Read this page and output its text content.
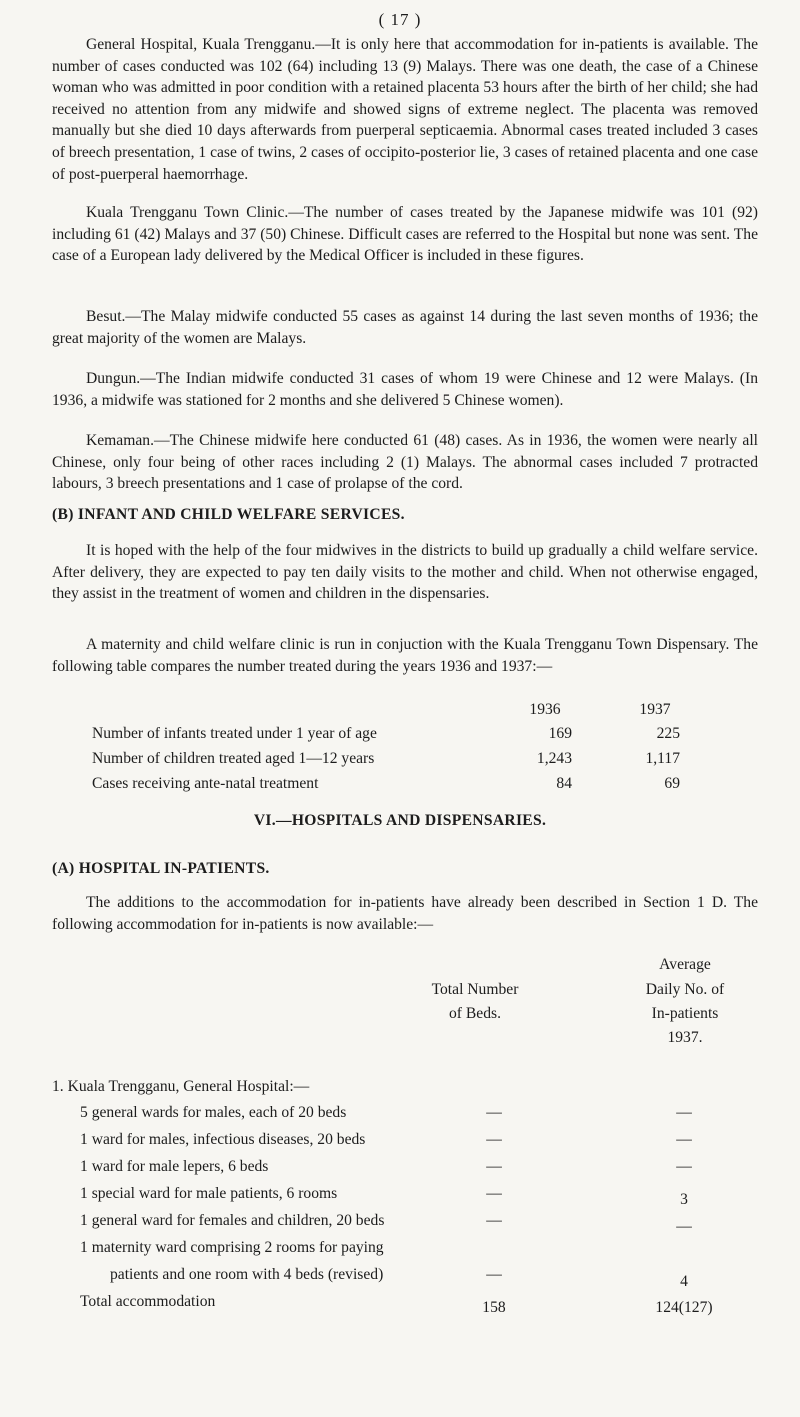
( 17 )

General Hospital, Kuala Trengganu.—It is only here that accommodation for in-patients is available. The number of cases conducted was 102 (64) including 13 (9) Malays. There was one death, the case of a Chinese woman who was admitted in poor condition with a retained placenta 53 hours after the birth of her child; she had received no attention from any midwife and showed signs of extreme neglect. The placenta was removed manually but she died 10 days afterwards from puerperal septicaemia. Abnormal cases treated included 3 cases of breech presentation, 1 case of twins, 2 cases of occipito-posterior lie, 3 cases of retained placenta and one case of post-puerperal haemorrhage.

Kuala Trengganu Town Clinic.—The number of cases treated by the Japanese midwife was 101 (92) including 61 (42) Malays and 37 (50) Chinese. Difficult cases are referred to the Hospital but none was sent. The case of a European lady delivered by the Medical Officer is included in these figures.

Besut.—The Malay midwife conducted 55 cases as against 14 during the last seven months of 1936; the great majority of the women are Malays.

Dungun.—The Indian midwife conducted 31 cases of whom 19 were Chinese and 12 were Malays. (In 1936, a midwife was stationed for 2 months and she delivered 5 Chinese women).

Kemaman.—The Chinese midwife here conducted 61 (48) cases. As in 1936, the women were nearly all Chinese, only four being of other races including 2 (1) Malays. The abnormal cases included 7 protracted labours, 3 breech presentations and 1 case of prolapse of the cord.

(B) INFANT AND CHILD WELFARE SERVICES.

It is hoped with the help of the four midwives in the districts to build up gradually a child welfare service. After delivery, they are expected to pay ten daily visits to the mother and child. When not otherwise engaged, they assist in the treatment of women and children in the dispensaries.

A maternity and child welfare clinic is run in conjuction with the Kuala Trengganu Town Dispensary. The following table compares the number treated during the years 1936 and 1937:—

1936	1937
Number of infants treated under 1 year of age	169	225
Number of children treated aged 1—12 years	1,243	1,117
Cases receiving ante-natal treatment	84	69

VI.—HOSPITALS AND DISPENSARIES.

(A) HOSPITAL IN-PATIENTS.

The additions to the accommodation for in-patients have already been described in Section 1 D. The following accommodation for in-patients is now available:—

Average
Total Number	Daily No. of
of Beds.	In-patients
1937.
1. Kuala Trengganu, General Hospital:—
5 general wards for males, each of 20 beds	—	—
1 ward for males, infectious diseases, 20 beds	—	—
1 ward for male lepers, 6 beds	—	—
1 special ward for male patients, 6 rooms	—	3
1 general ward for females and children, 20 beds	—	—
1 maternity ward comprising 2 rooms for paying
patients and one room with 4 beds (revised)	—	4
Total accommodation	158	124(127)
